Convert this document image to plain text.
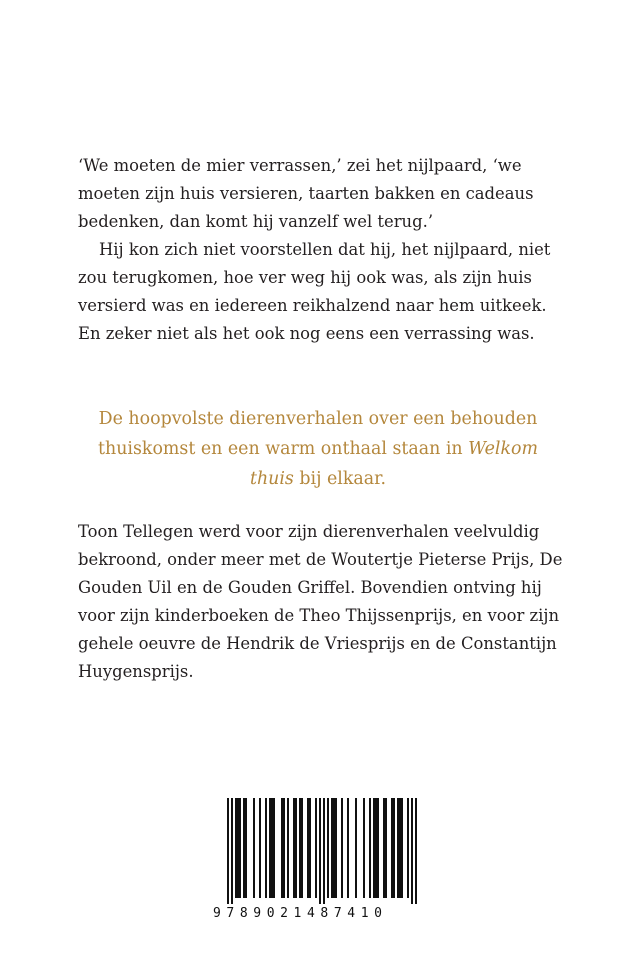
‘We moeten de mier verrassen,’ zei het nijlpaard, ‘we moeten zijn huis versieren, taarten bakken en cadeaus bedenken, dan komt hij vanzelf wel terug.’

Hij kon zich niet voorstellen dat hij, het nijlpaard, niet zou terugkomen, hoe ver weg hij ook was, als zijn huis versierd was en iedereen reikhalzend naar hem uitkeek. En zeker niet als het ook nog eens een verrassing was.

De hoopvolste dierenverhalen over een behouden thuiskomst en een warm onthaal staan in Welkom thuis bij elkaar.

Toon Tellegen werd voor zijn dierenverhalen veelvuldig bekroond, onder meer met de Woutertje Pieterse Prijs, De Gouden Uil en de Gouden Griffel. Bovendien ontving hij voor zijn kinderboeken de Theo Thijssenprijs, en voor zijn gehele oeuvre de Hendrik de Vriesprijs en de Constantijn Huygensprijs.

9789021487410
